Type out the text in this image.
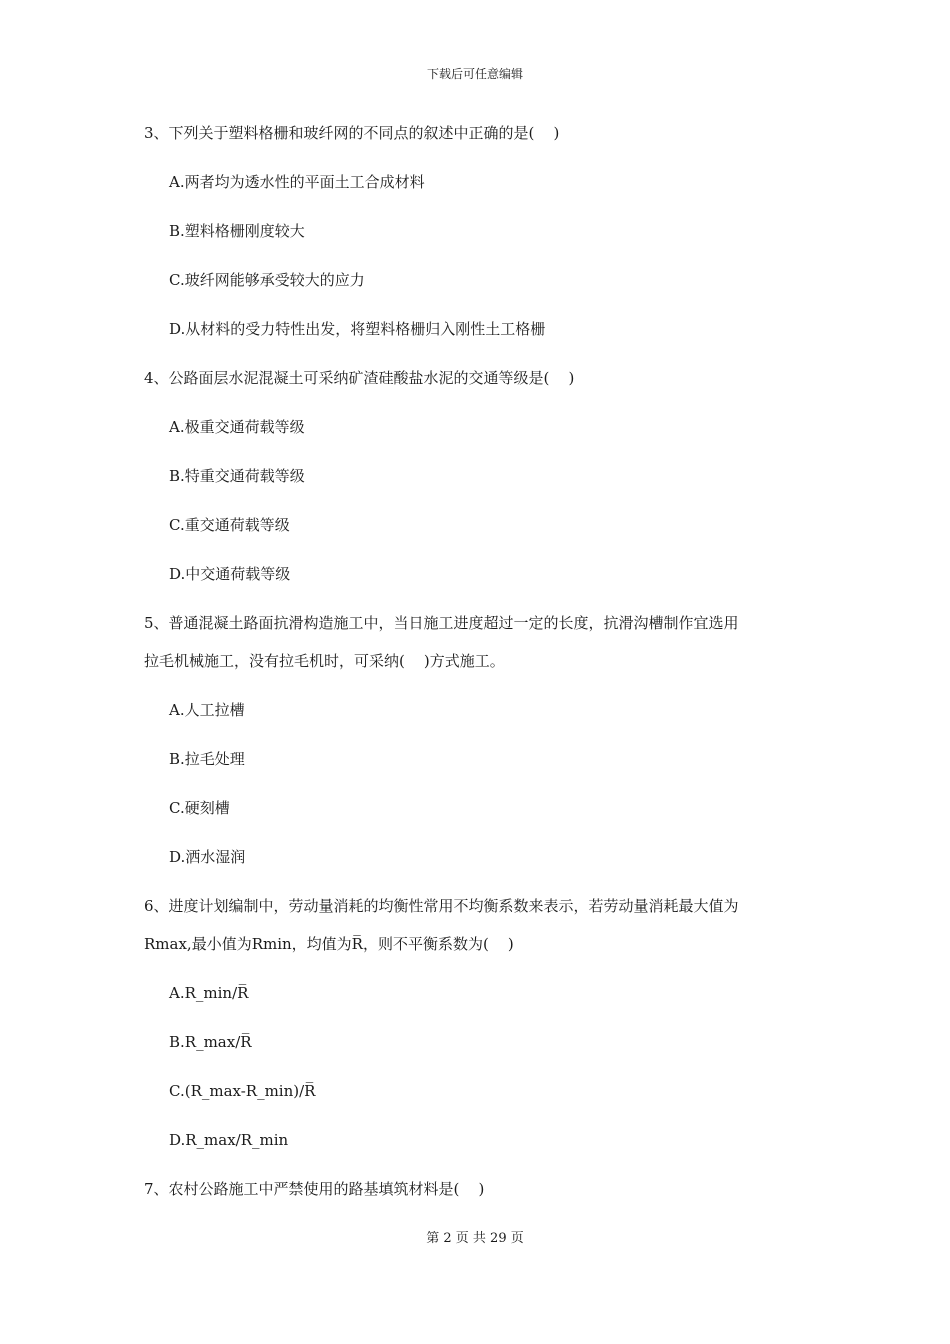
下载后可任意编辑
3、下列关于塑料格栅和玻纤网的不同点的叙述中正确的是(    )
A.两者均为透水性的平面土工合成材料
B.塑料格栅刚度较大
C.玻纤网能够承受较大的应力
D.从材料的受力特性出发，将塑料格栅归入刚性土工格栅
4、公路面层水泥混凝土可采纳矿渣硅酸盐水泥的交通等级是(    )
A.极重交通荷载等级
B.特重交通荷载等级
C.重交通荷载等级
D.中交通荷载等级
5、普通混凝土路面抗滑构造施工中，当日施工进度超过一定的长度，抗滑沟槽制作宜选用
拉毛机械施工，没有拉毛机时，可采纳(    )方式施工。
A.人工拉槽
B.拉毛处理
C.硬刻槽
D.洒水湿润
6、进度计划编制中，劳动量消耗的均衡性常用不均衡系数来表示，若劳动量消耗最大值为
Rmax,最小值为Rmin，均值为R̅，则不平衡系数为(    )
A.R_min/R̅
B.R_max/R̅
C.(R_max-R_min)/R̅
D.R_max/R_min
7、农村公路施工中严禁使用的路基填筑材料是(    )
第 2 页 共 29 页
